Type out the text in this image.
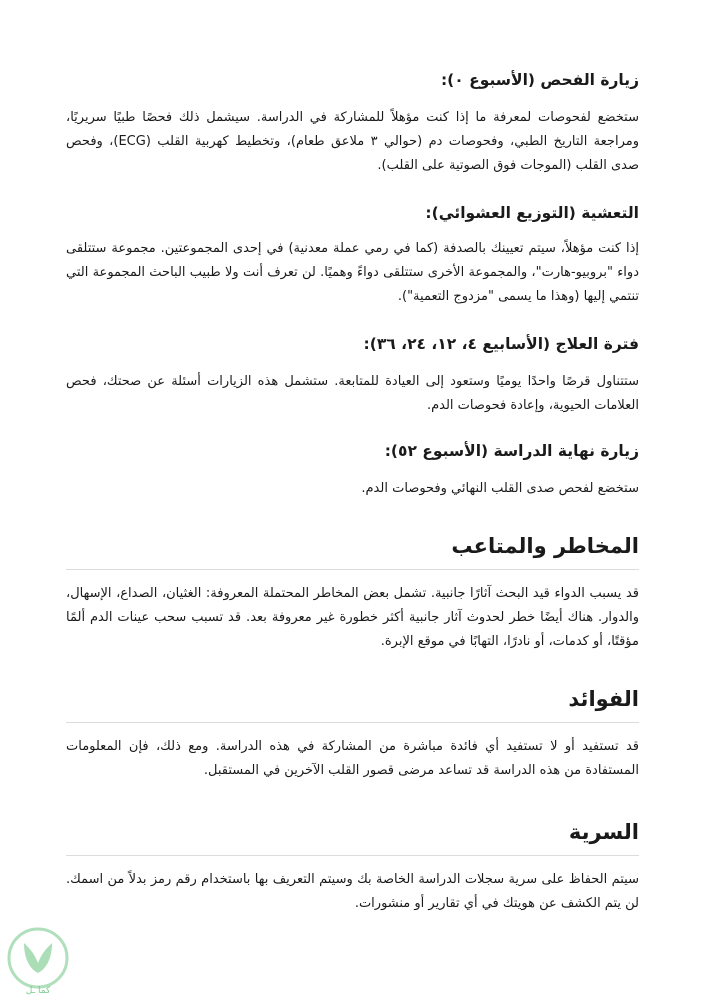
زيارة الفحص (الأسبوع ٠):

ستخضع لفحوصات لمعرفة ما إذا كنت مؤهلاً للمشاركة في الدراسة. سيشمل ذلك فحصًا طبيًا سريريًا، ومراجعة التاريخ الطبي، وفحوصات دم (حوالي ٣ ملاعق طعام)، وتخطيط كهربية القلب (ECG)، وفحص صدى القلب (الموجات فوق الصوتية على القلب).

التعشية (التوزيع العشوائي):

إذا كنت مؤهلاً، سيتم تعيينك بالصدفة (كما في رمي عملة معدنية) في إحدى المجموعتين. مجموعة ستتلقى دواء "بروبيو-هارت"، والمجموعة الأخرى ستتلقى دواءً وهميًا. لن تعرف أنت ولا طبيب الباحث المجموعة التي تنتمي إليها (وهذا ما يسمى "مزدوج التعمية").

فترة العلاج (الأسابيع ٤، ١٢، ٢٤، ٣٦):

ستتناول قرصًا واحدًا يوميًا وستعود إلى العيادة للمتابعة. ستشمل هذه الزيارات أسئلة عن صحتك، فحص العلامات الحيوية، وإعادة فحوصات الدم.

زيارة نهاية الدراسة (الأسبوع ٥٢):

ستخضع لفحص صدى القلب النهائي وفحوصات الدم.

المخاطر والمتاعب

قد يسبب الدواء قيد البحث آثارًا جانبية. تشمل بعض المخاطر المحتملة المعروفة: الغثيان، الصداع، الإسهال، والدوار. هناك أيضًا خطر لحدوث آثار جانبية أكثر خطورة غير معروفة بعد. قد تسبب سحب عينات الدم ألمًا مؤقتًا، أو كدمات، أو نادرًا، التهابًا في موقع الإبرة.

الفوائد

قد تستفيد أو لا تستفيد أي فائدة مباشرة من المشاركة في هذه الدراسة. ومع ذلك، فإن المعلومات المستفادة من هذه الدراسة قد تساعد مرضى قصور القلب الآخرين في المستقبل.

السرية

سيتم الحفاظ على سرية سجلات الدراسة الخاصة بك وسيتم التعريف بها باستخدام رقم رمز بدلاً من اسمك. لن يتم الكشف عن هويتك في أي تقارير أو منشورات.

كما ـل
